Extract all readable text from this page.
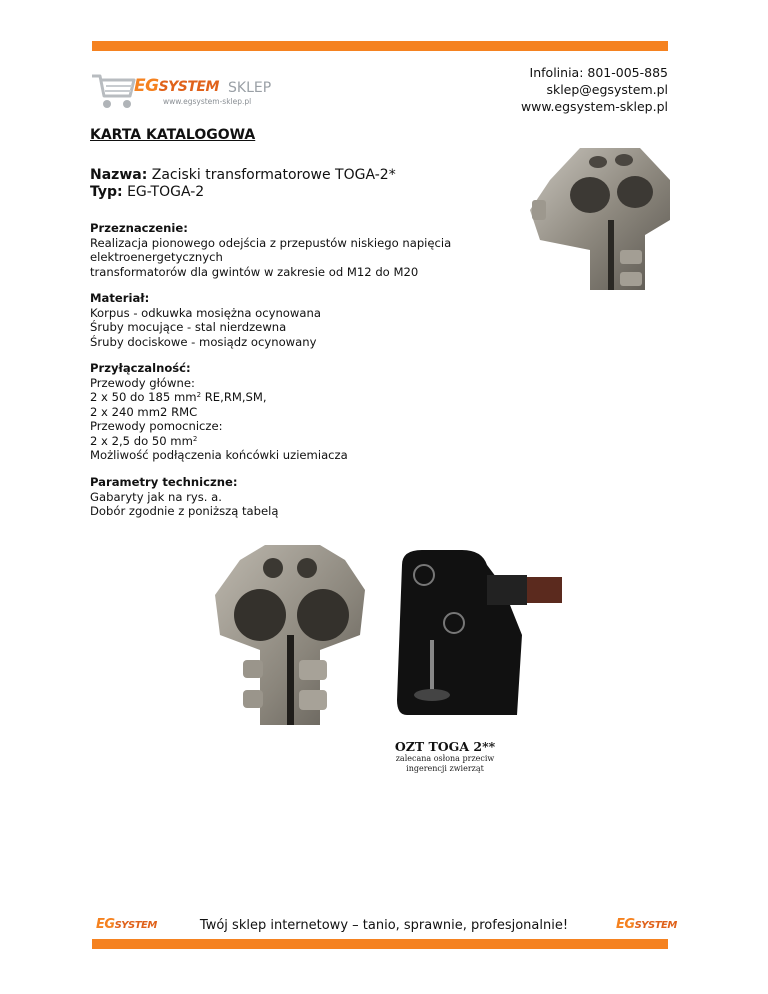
EGSYSTEM SKLEP
www.egsystem-sklep.pl
Infolinia: 801-005-885
sklep@egsystem.pl
www.egsystem-sklep.pl
KARTA KATALOGOWA
Nazwa: Zaciski transformatorowe TOGA-2*
Typ: EG-TOGA-2
Przeznaczenie:
Realizacja pionowego odejścia z przepustów niskiego napięcia
elektroenergetycznych
transformatorów dla gwintów w zakresie od M12 do M20
Materiał:
Korpus - odkuwka mosiężna ocynowana
Śruby mocujące - stal nierdzewna
Śruby dociskowe - mosiądz ocynowany
Przyłączalność:
Przewody główne:
2 x 50 do 185 $mm^2$ RE,RM,SM,
2 x 240 mm2 RMC
Przewody pomocnicze:
2 x 2,5 do 50 $mm^2$
Możliwość podłączenia końcówki uziemiacza
Parametry techniczne:
Gabaryty jak na rys. a.
Dobór zgodnie z poniższą tabelą
OZT TOGA 2**
zalecana osłona przeciw
ingerencji zwierząt
EGSYSTEM	Twój sklep internetowy – tanio, sprawnie, profesjonalnie!	EGSYSTEM
